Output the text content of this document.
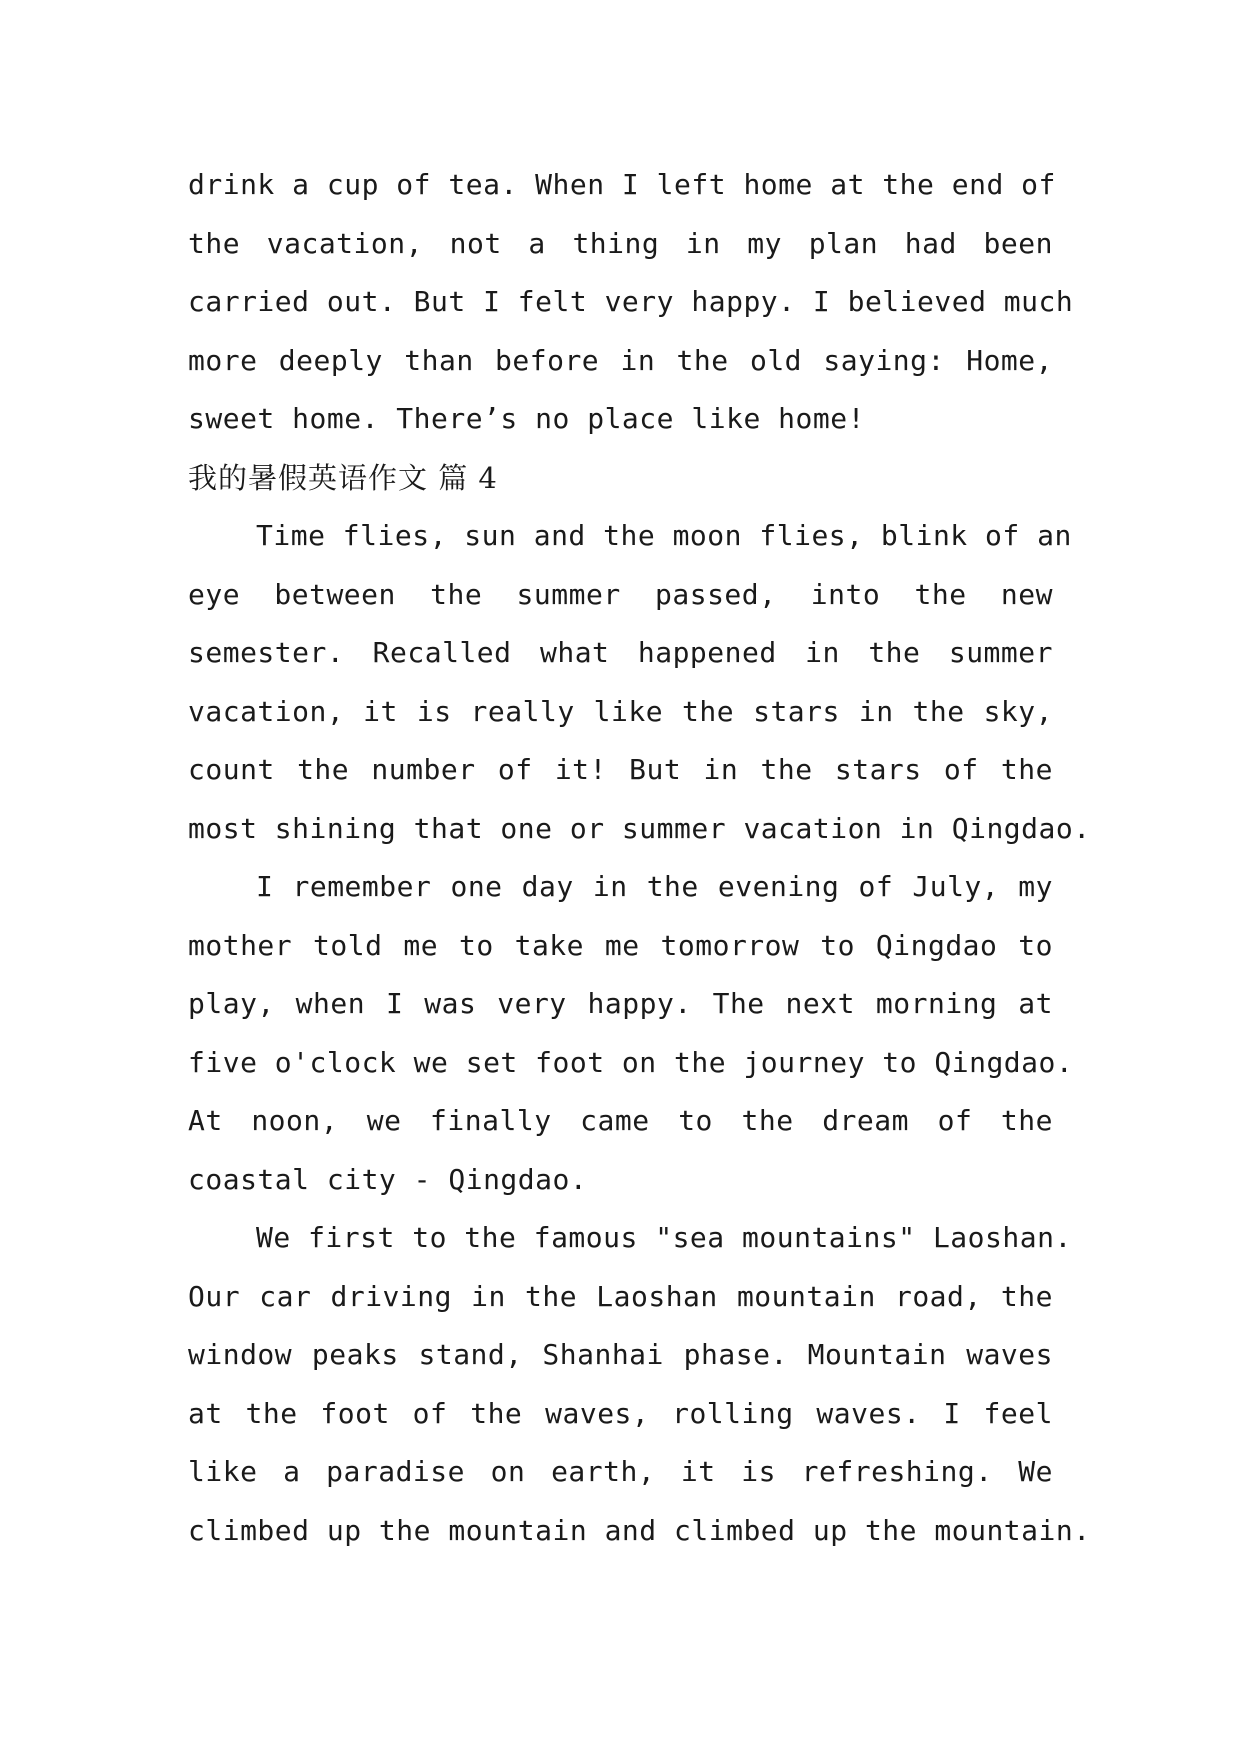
drink a cup of tea. When I left home at the end of
the vacation, not a thing in my plan had been
carried out. But I felt very happy. I believed much
more deeply than before in the old saying: Home,
sweet home. There’s no place like home!
我的暑假英语作文 篇 4
Time flies, sun and the moon flies, blink of an
eye between the summer passed, into the new
semester. Recalled what happened in the summer
vacation, it is really like the stars in the sky,
count the number of it! But in the stars of the
most shining that one or summer vacation in Qingdao.
I remember one day in the evening of July, my
mother told me to take me tomorrow to Qingdao to
play, when I was very happy. The next morning at
five o'clock we set foot on the journey to Qingdao.
At noon, we finally came to the dream of the
coastal city - Qingdao.
We first to the famous "sea mountains" Laoshan.
Our car driving in the Laoshan mountain road, the
window peaks stand, Shanhai phase. Mountain waves
at the foot of the waves, rolling waves. I feel
like a paradise on earth, it is refreshing. We
climbed up the mountain and climbed up the mountain.
